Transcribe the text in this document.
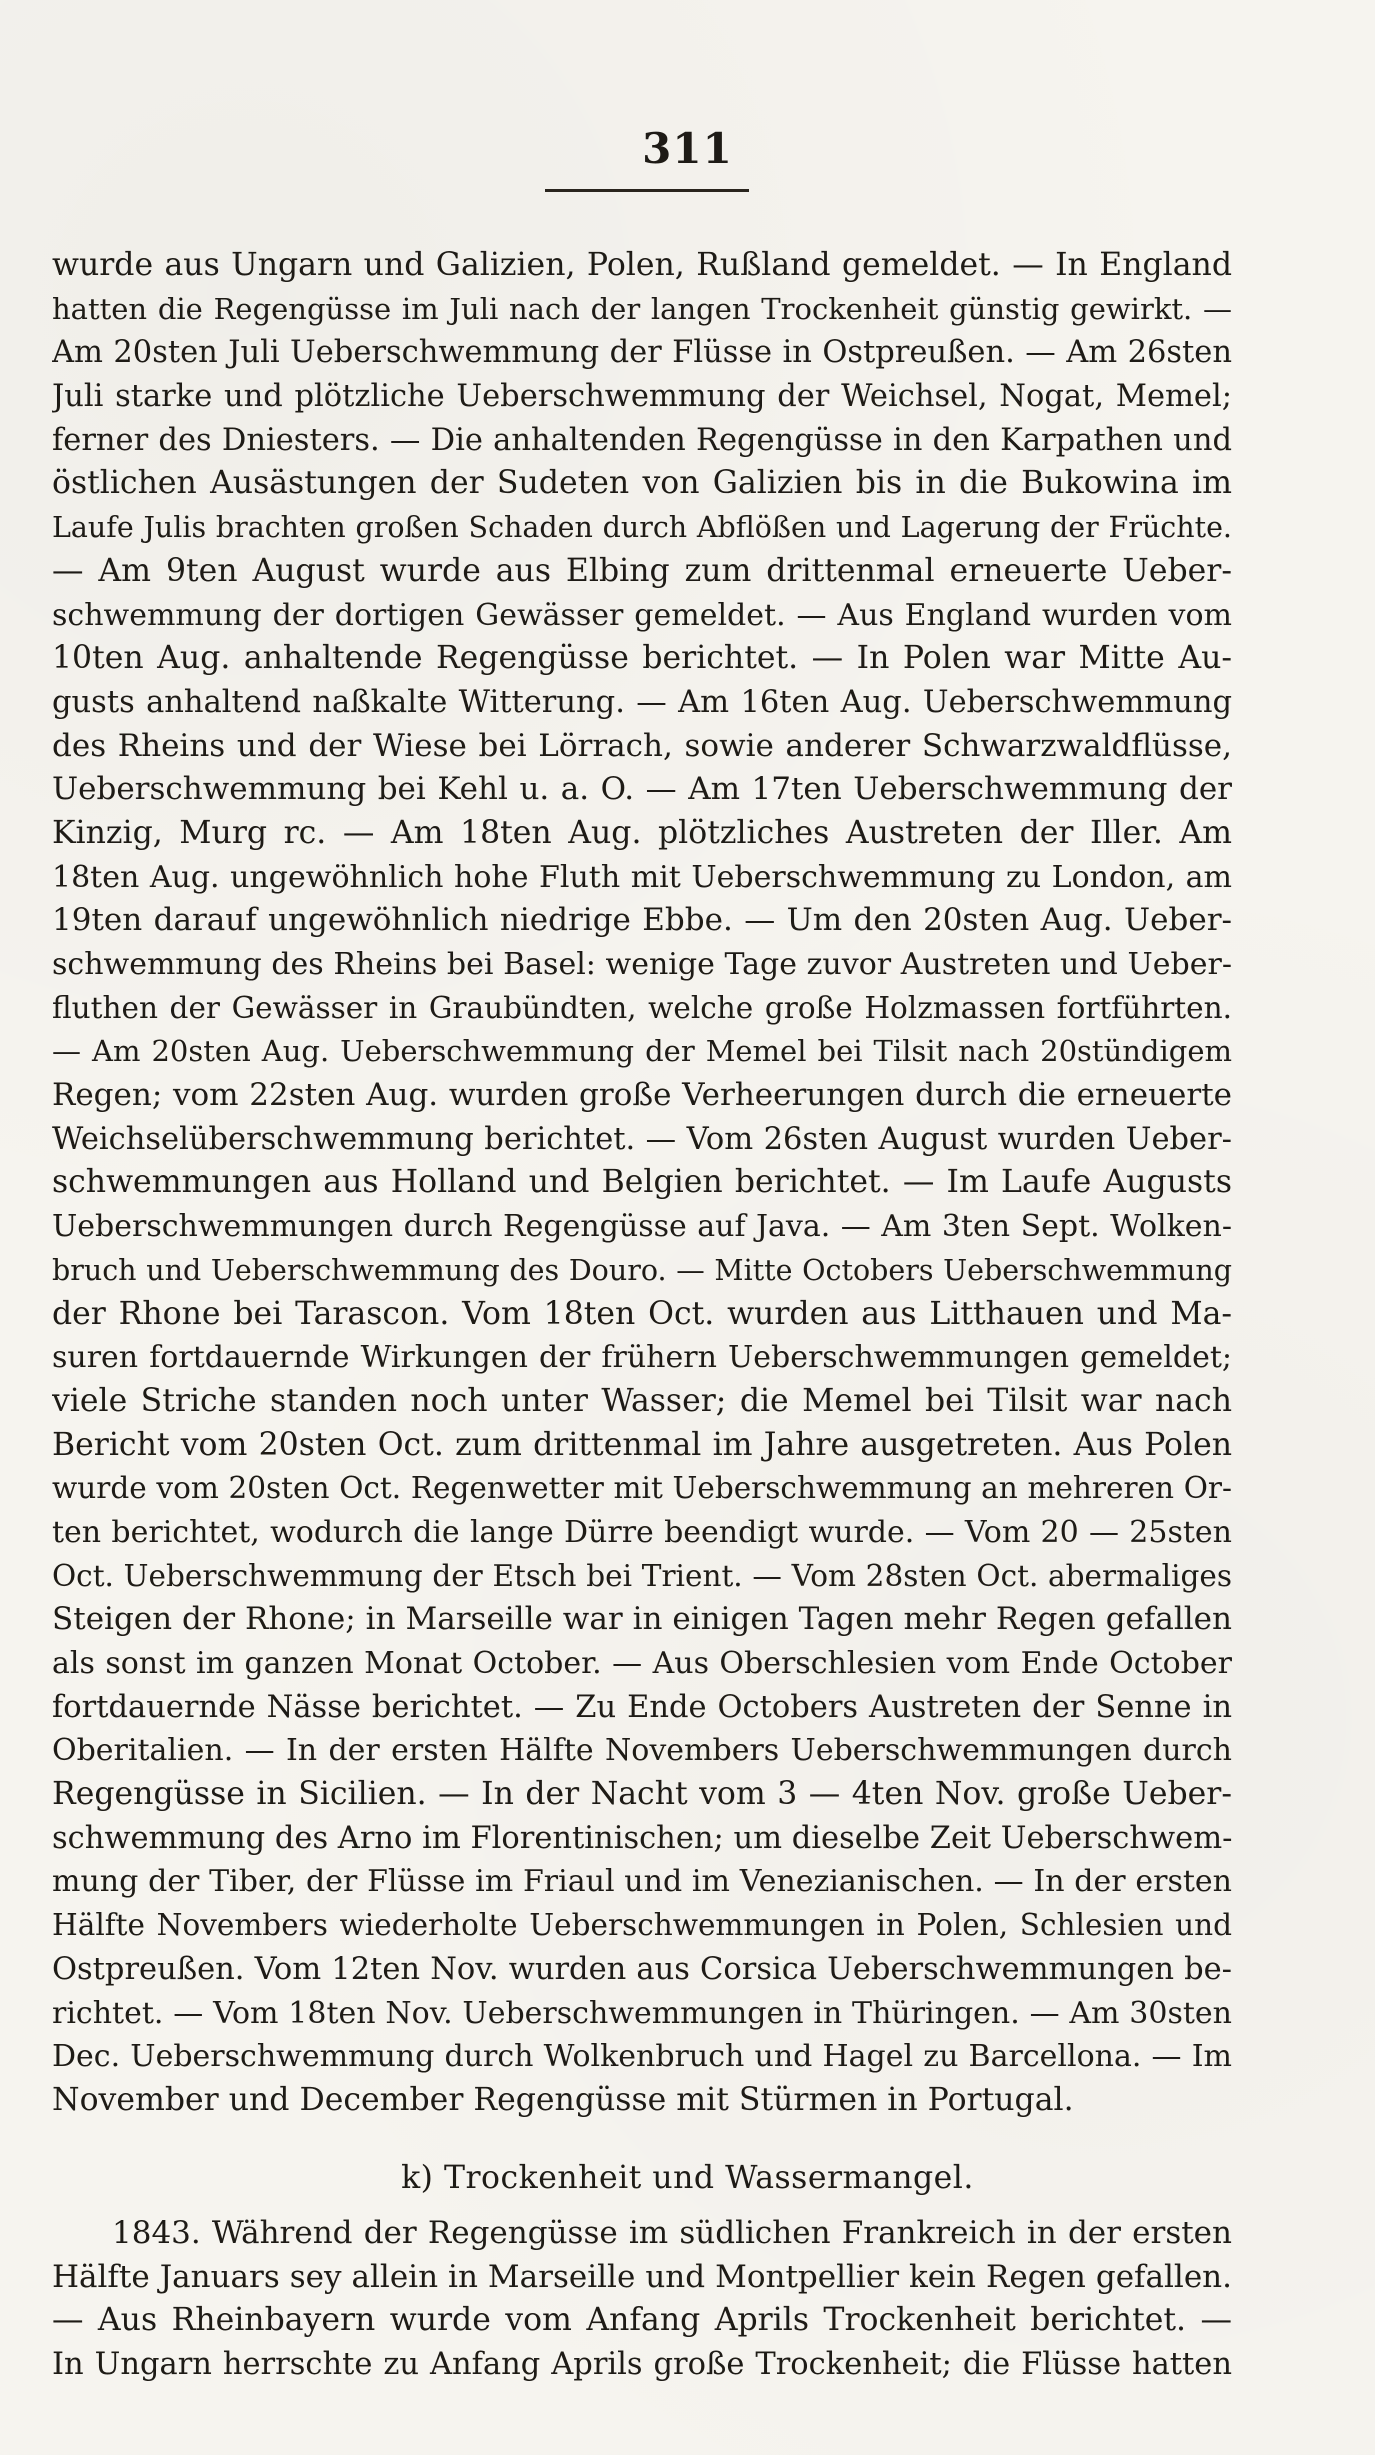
311
wurde aus Ungarn und Galizien, Polen, Rußland gemeldet. — In England
hatten die Regengüsse im Juli nach der langen Trockenheit günstig gewirkt. —
Am 20sten Juli Ueberschwemmung der Flüsse in Ostpreußen. — Am 26sten
Juli starke und plötzliche Ueberschwemmung der Weichsel, Nogat, Memel;
ferner des Dniesters. — Die anhaltenden Regengüsse in den Karpathen und
östlichen Ausästungen der Sudeten von Galizien bis in die Bukowina im
Laufe Julis brachten großen Schaden durch Abflößen und Lagerung der Früchte.
— Am 9ten August wurde aus Elbing zum drittenmal erneuerte Ueber-
schwemmung der dortigen Gewässer gemeldet. — Aus England wurden vom
10ten Aug. anhaltende Regengüsse berichtet. — In Polen war Mitte Au-
gusts anhaltend naßkalte Witterung. — Am 16ten Aug. Ueberschwemmung
des Rheins und der Wiese bei Lörrach, sowie anderer Schwarzwaldflüsse,
Ueberschwemmung bei Kehl u. a. O. — Am 17ten Ueberschwemmung der
Kinzig, Murg rc. — Am 18ten Aug. plötzliches Austreten der Iller. Am
18ten Aug. ungewöhnlich hohe Fluth mit Ueberschwemmung zu London, am
19ten darauf ungewöhnlich niedrige Ebbe. — Um den 20sten Aug. Ueber-
schwemmung des Rheins bei Basel: wenige Tage zuvor Austreten und Ueber-
fluthen der Gewässer in Graubündten, welche große Holzmassen fortführten.
— Am 20sten Aug. Ueberschwemmung der Memel bei Tilsit nach 20stündigem
Regen; vom 22sten Aug. wurden große Verheerungen durch die erneuerte
Weichselüberschwemmung berichtet. — Vom 26sten August wurden Ueber-
schwemmungen aus Holland und Belgien berichtet. — Im Laufe Augusts
Ueberschwemmungen durch Regengüsse auf Java. — Am 3ten Sept. Wolken-
bruch und Ueberschwemmung des Douro. — Mitte Octobers Ueberschwemmung
der Rhone bei Tarascon. Vom 18ten Oct. wurden aus Litthauen und Ma-
suren fortdauernde Wirkungen der frühern Ueberschwemmungen gemeldet;
viele Striche standen noch unter Wasser; die Memel bei Tilsit war nach
Bericht vom 20sten Oct. zum drittenmal im Jahre ausgetreten. Aus Polen
wurde vom 20sten Oct. Regenwetter mit Ueberschwemmung an mehreren Or-
ten berichtet, wodurch die lange Dürre beendigt wurde. — Vom 20 — 25sten
Oct. Ueberschwemmung der Etsch bei Trient. — Vom 28sten Oct. abermaliges
Steigen der Rhone; in Marseille war in einigen Tagen mehr Regen gefallen
als sonst im ganzen Monat October. — Aus Oberschlesien vom Ende October
fortdauernde Nässe berichtet. — Zu Ende Octobers Austreten der Senne in
Oberitalien. — In der ersten Hälfte Novembers Ueberschwemmungen durch
Regengüsse in Sicilien. — In der Nacht vom 3 — 4ten Nov. große Ueber-
schwemmung des Arno im Florentinischen; um dieselbe Zeit Ueberschwem-
mung der Tiber, der Flüsse im Friaul und im Venezianischen. — In der ersten
Hälfte Novembers wiederholte Ueberschwemmungen in Polen, Schlesien und
Ostpreußen. Vom 12ten Nov. wurden aus Corsica Ueberschwemmungen be-
richtet. — Vom 18ten Nov. Ueberschwemmungen in Thüringen. — Am 30sten
Dec. Ueberschwemmung durch Wolkenbruch und Hagel zu Barcellona. — Im
November und December Regengüsse mit Stürmen in Portugal.
k) Trockenheit und Wassermangel.
1843. Während der Regengüsse im südlichen Frankreich in der ersten
Hälfte Januars sey allein in Marseille und Montpellier kein Regen gefallen.
— Aus Rheinbayern wurde vom Anfang Aprils Trockenheit berichtet. —
In Ungarn herrschte zu Anfang Aprils große Trockenheit; die Flüsse hatten
